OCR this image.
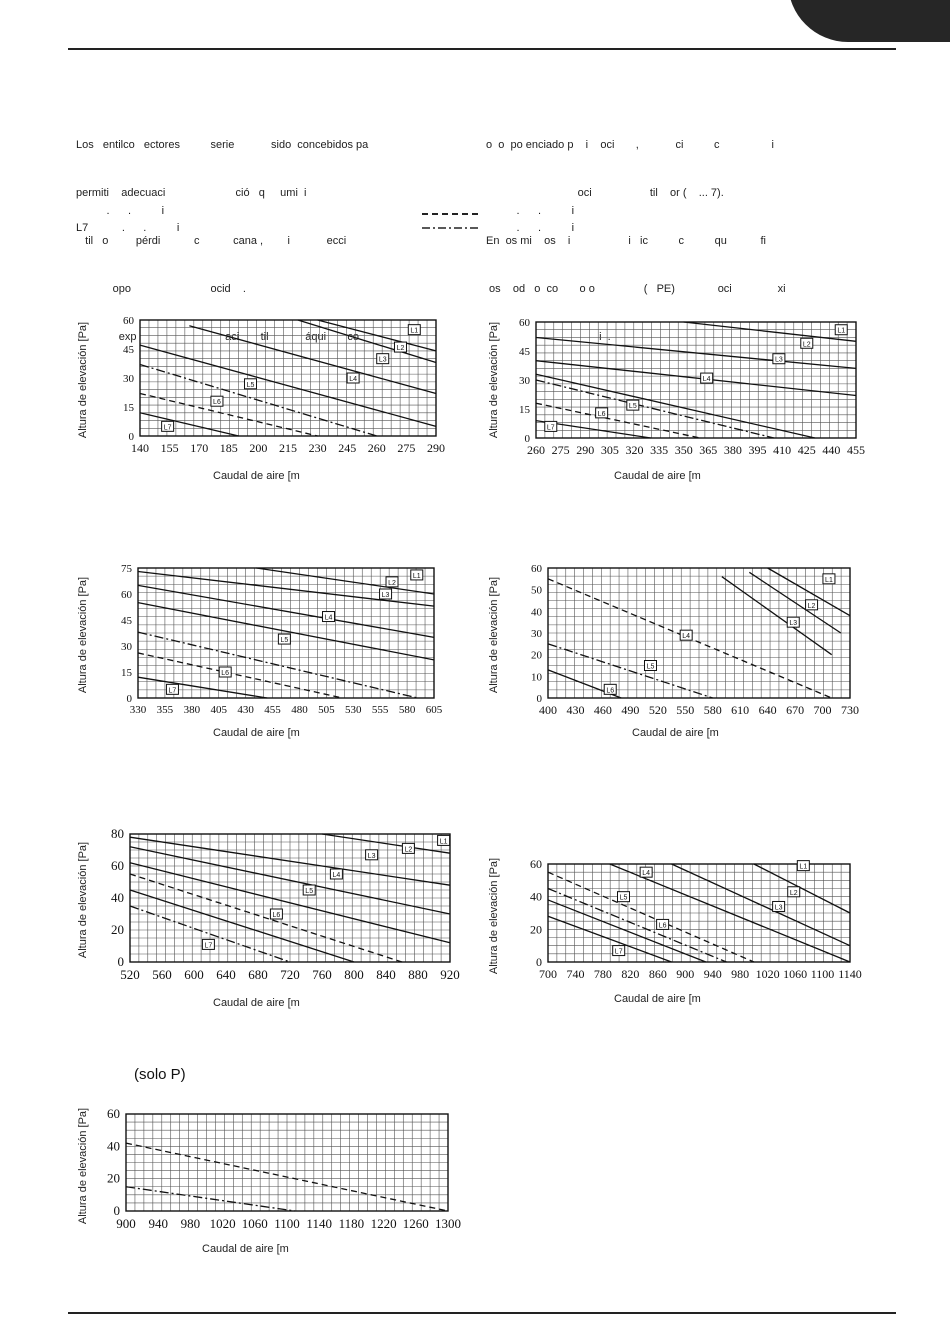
Los   entilco   ectores          serie            sido  concebidos pa

permiti    adecuaci                       ció   q     umi  i

til   o         pérdi           c           cana ,        i            ecci

opo                          ocid    .

exp                             aci       til            áqui       co

o  o  po enciado p    i    oci       ,            ci          c                 i

oci                   til    or (    ... 7).

En  os mi    os    i                   i   ic          c          qu           fi

os    od   o  co       o o                (   PE)              oci               xi

i  .

.      .          i
L7           .      .          i
.      .          i
.      .          i
Altura de elevación [Pa]
140 155 170 185 200 215 230 245 260 275 290
0
15
30
45
60
L1
L2
L3
L4
L5
L6
L7
Caudal de aire [m
Altura de elevación [Pa]
260 275 290 305 320 335 350 365 380 395 410 425 440 455
0
15
30
45
60
L1
L2
L3
L4
L5
L6
L7
Caudal de aire [m
Altura de elevación [Pa]
330 355 380 405 430 455 480 505 530 555 580 605
0
15
30
45
60
75
L1
L2
L3
L4
L5
L6
L7
Caudal de aire [m
Altura de elevación [Pa]
400 430 460 490 520 550 580 610 640 670 700 730
0
10
20
30
40
50
60
L1
L2
L3
L4
L5
L6
Caudal de aire [m
Altura de elevación [Pa]
520 560 600 640 680 720 760 800 840 880 920
0
20
40
60
80
L1
L2
L3
L4
L5
L6
L7
Caudal de aire [m
Altura de elevación [Pa]	700 740 780 820 860 900 940 980 1020 1060 1100 1140
0
20
40
60	L1
L2
L3
L4
L5
L6
L7
Caudal de aire [m
(solo P)
Altura de elevación [Pa] 900 940 980 1020 1060 1100 1140 1180 1220 1260 1300
0
20
40
60
Caudal de aire [m
